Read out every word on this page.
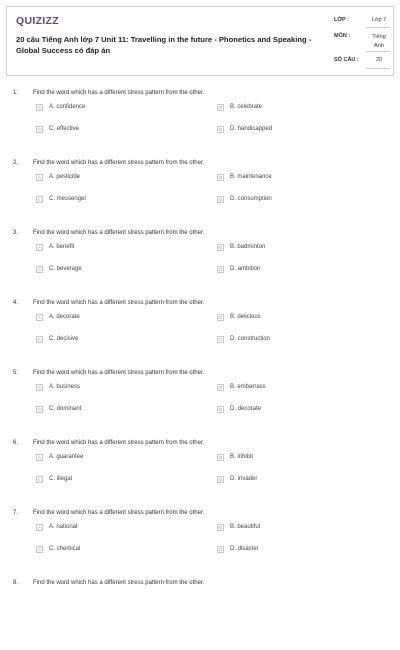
QUIZIZZ
20 câu Tiếng Anh lớp 7 Unit 11: Travelling in the future - Phonetics and Speaking - Global Success có đáp án
LỚP :	Lớp 7
MÔN :	Tiếng Anh
SỐ CÂU :	20
1. Find the word which has a different stress pattern from the other.
A	A. confidence	B	B. celebrate
C	C. effective	D	D. handicapped
2. Find the word which has a different stress pattern from the other.
A	A. pesticide	B	B. maintenance
C	C. messenger	D	D. consumption
3. Find the word which has a different stress pattern from the other.
A	A. benefit	B	B. badminton
C	C. beverage	D	D. ambition
4. Find the word which has a different stress pattern from the other.
A	A. decorate	B	B. delicious
C	C. decisive	D	D. construction
5. Find the word which has a different stress pattern from the other.
A	A. business	B	B. embarrass
C	C. dominant	D	D. decorate
6. Find the word which has a different stress pattern from the other.
A	A. guarantee	B	B. inhibit
C	C. illegal	D	D. invader
7. Find the word which has a different stress pattern from the other.
A	A. national	B	B. beautiful
C	C. chemical	D	D. disaster
8. Find the word which has a different stress pattern from the other.
